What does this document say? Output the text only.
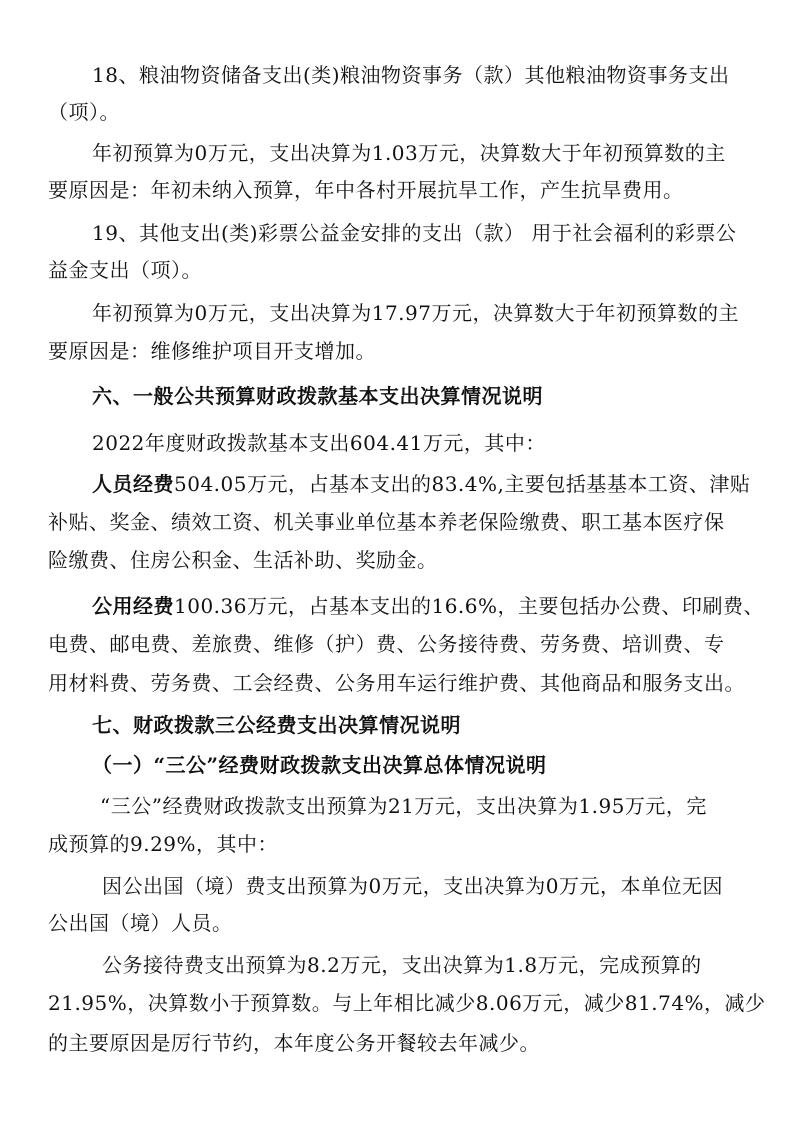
18、粮油物资储备支出(类)粮油物资事务（款）其他粮油物资事务支出
（项）。
年初预算为0万元，支出决算为1.03万元，决算数大于年初预算数的主
要原因是：年初未纳入预算，年中各村开展抗旱工作，产生抗旱费用。
19、其他支出(类)彩票公益金安排的支出（款） 用于社会福利的彩票公
益金支出（项）。
年初预算为0万元，支出决算为17.97万元，决算数大于年初预算数的主
要原因是：维修维护项目开支增加。
六、一般公共预算财政拨款基本支出决算情况说明
2022年度财政拨款基本支出604.41万元，其中：
人员经费504.05万元，占基本支出的83.4%,主要包括基基本工资、津贴
补贴、奖金、绩效工资、机关事业单位基本养老保险缴费、职工基本医疗保
险缴费、住房公积金、生活补助、奖励金。
公用经费100.36万元，占基本支出的16.6%，主要包括办公费、印刷费、
电费、邮电费、差旅费、维修（护）费、公务接待费、劳务费、培训费、专
用材料费、劳务费、工会经费、公务用车运行维护费、其他商品和服务支出。
七、财政拨款三公经费支出决算情况说明
（一）“三公”经费财政拨款支出决算总体情况说明
“三公”经费财政拨款支出预算为21万元，支出决算为1.95万元，完
成预算的9.29%，其中：
因公出国（境）费支出预算为0万元，支出决算为0万元，本单位无因
公出国（境）人员。
公务接待费支出预算为8.2万元，支出决算为1.8万元，完成预算的
21.95%，决算数小于预算数。与上年相比减少8.06万元，减少81.74%，减少
的主要原因是厉行节约，本年度公务开餐较去年减少。
